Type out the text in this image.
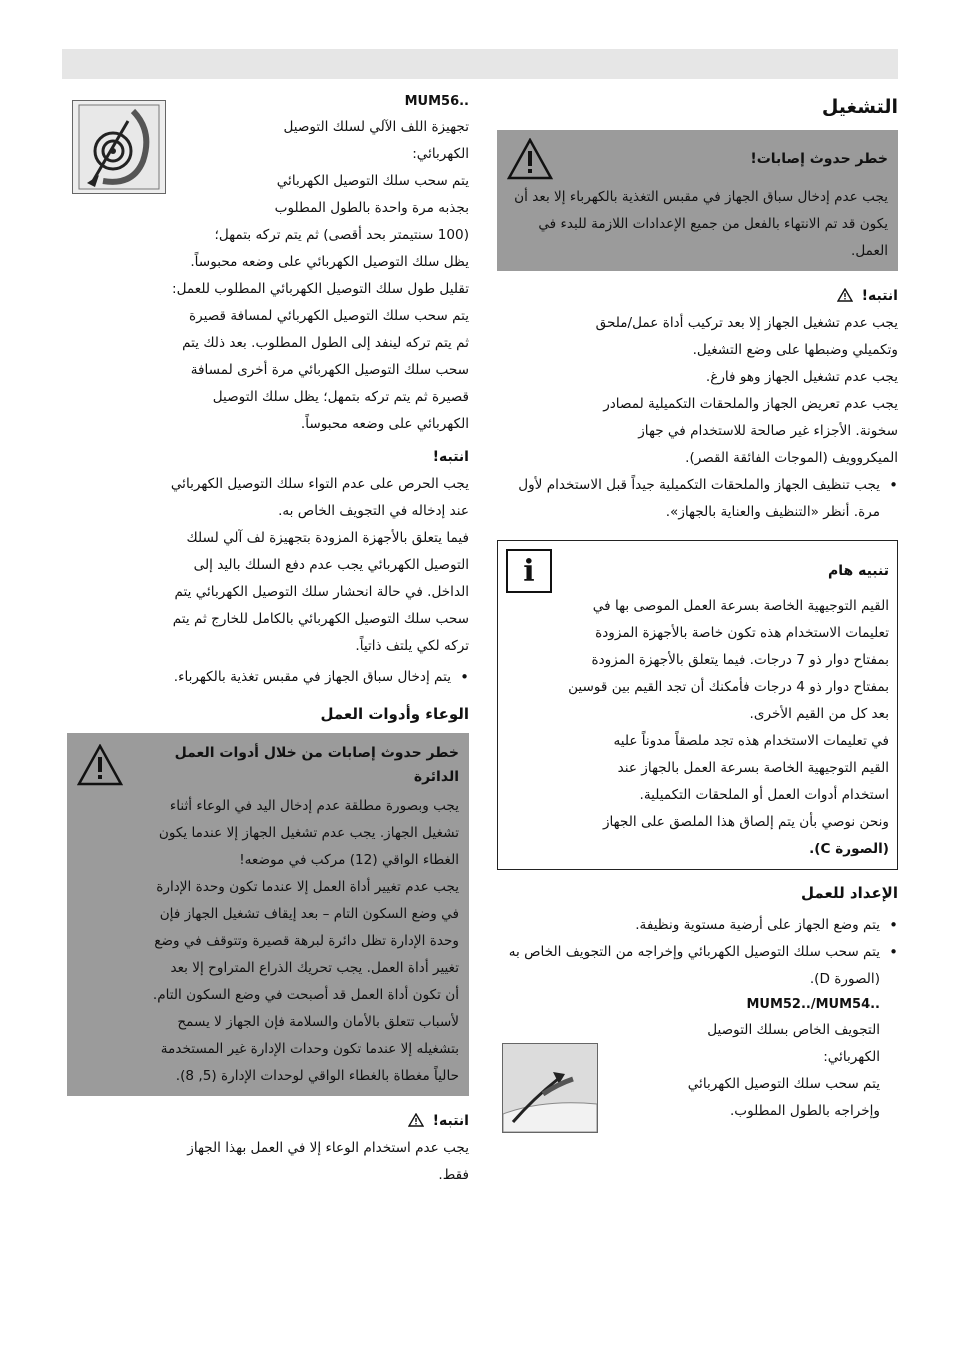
التشغيل
خطر حدوث إصابات!

يجب عدم إدخال سباق الجهاز في مقبس التغذية بالكهرباء إلا بعد أن يكون قد تم الانتهاء بالفعل من جميع الإعدادات اللازمة للبدء في العمل.

انتبه!

يجب عدم تشغيل الجهاز إلا بعد تركيب أداة عمل/ملحق

وتكميلي وضبطها على وضع التشغيل.

يجب عدم تشغيل الجهاز وهو فارغ.

يجب عدم تعريض الجهاز والملحقات التكميلية لمصادر

سخونة. الأجزاء غير صالحة للاستخدام في جهاز

الميكروويف (الموجات الفائقة القصر).

• يجب تنظيف الجهاز والملحقات التكميلية جيداً قبل الاستخدام لأول مرة. أنظر «التنظيف والعناية بالجهاز».
تنبيه هام
i

القيم التوجيهية الخاصة بسرعة العمل الموصى بها في

تعليمات الاستخدام هذه تكون خاصة بالأجهزة المزودة

بمفتاح دوار ذو 7 درجات. فيما يتعلق بالأجهزة المزودة

بمفتاح دوار ذو 4 درجات فأمكنك أن تجد القيم بين قوسين

بعد كل من القيم الأخرى.

في تعليمات الاستخدام هذه تجد ملصقاً مدوناً عليه

القيم التوجيهية الخاصة بسرعة العمل بالجهاز عند

استخدام أدوات العمل أو الملحقات التكميلية.

ونحن نوصي بأن يتم إلصاق هذا الملصق على الجهاز

(الصورة C).

الإعداد للعمل
• يتم وضع الجهاز على أرضية مستوية ونظيفة.
• يتم سحب سلك التوصيل الكهربائي وإخراجه من التجويف الخاص به (الصورة D).
MUM52../MUM54..

التجويف الخاص بسلك التوصيل

الكهربائي:

يتم سحب سلك التوصيل الكهربائي

وإخراجه بالطول المطلوب.

MUM56..

تجهيزة اللف الآلي لسلك التوصيل

الكهربائي:

يتم سحب سلك التوصيل الكهربائي

بجذبه مرة واحدة بالطول المطلوب

(100 سنتيمتر بحد أقصى) ثم يتم تركه بتمهل؛

يظل سلك التوصيل الكهربائي على وضعه محبوساً.

تقليل طول سلك التوصيل الكهربائي المطلوب للعمل:

يتم سحب سلك التوصيل الكهربائي لمسافة قصيرة

ثم يتم تركه لينفد إلى الطول المطلوب. بعد ذلك يتم

سحب سلك التوصيل الكهربائي مرة أخرى لمسافة

قصيرة ثم يتم تركه بتمهل؛ يظل سلك التوصيل

الكهربائي على وضعه محبوساً.

انتبه!

يجب الحرص على عدم التواء سلك التوصيل الكهربائي

عند إدخاله في التجويف الخاص به.

فيما يتعلق بالأجهزة المزودة بتجهيزة لف آلي لسلك

التوصيل الكهربائي يجب عدم دفع السلك باليد إلى

الداخل. في حالة انحشار سلك التوصيل الكهربائي يتم

سحب سلك التوصيل الكهربائي بالكامل للخارج ثم يتم

تركه لكي يلتف ذاتياً.

• يتم إدخال سباق الجهاز في مقبس تغذية بالكهرباء.
الوعاء وأدوات العمل
خطر حدوث إصابات من خلال أدوات العمل الدائرة

يجب وبصورة مطلقة عدم إدخال اليد في الوعاء أثناء

تشغيل الجهاز. يجب عدم تشغيل الجهاز إلا عندما يكون

الغطاء الواقي (12) مركب في موضعه!

يجب عدم تغيير أداة العمل إلا عندما تكون وحدة الإدارة

في وضع السكون التام – بعد إيقاف تشغيل الجهاز فإن

وحدة الإدارة تظل دائرة لبرهة قصيرة وتتوقف في وضع

تغيير أداة العمل. يجب تحريك الذراع المتراوح إلا بعد

أن تكون أداة العمل قد أصبحت في وضع السكون التام.

لأسباب تتعلق بالأمان والسلامة فإن الجهاز لا يسمح

بتشغيله إلا عندما تكون وحدات الإدارة غير المستخدمة

حالياً مغطاة بالغطاء الواقي لوحدات الإدارة (5, 8).

انتبه!

يجب عدم استخدام الوعاء إلا في العمل بهذا الجهاز

فقط.
